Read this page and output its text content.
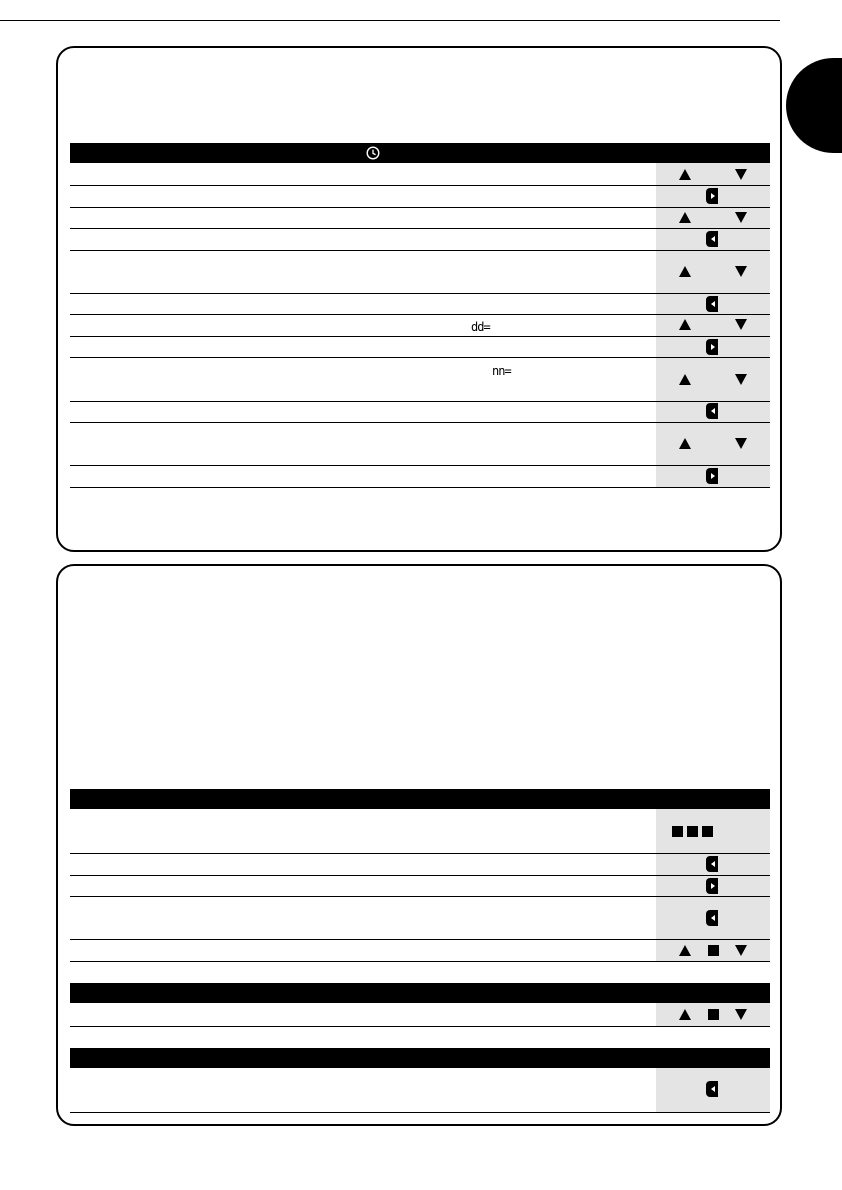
dd=
nn=
